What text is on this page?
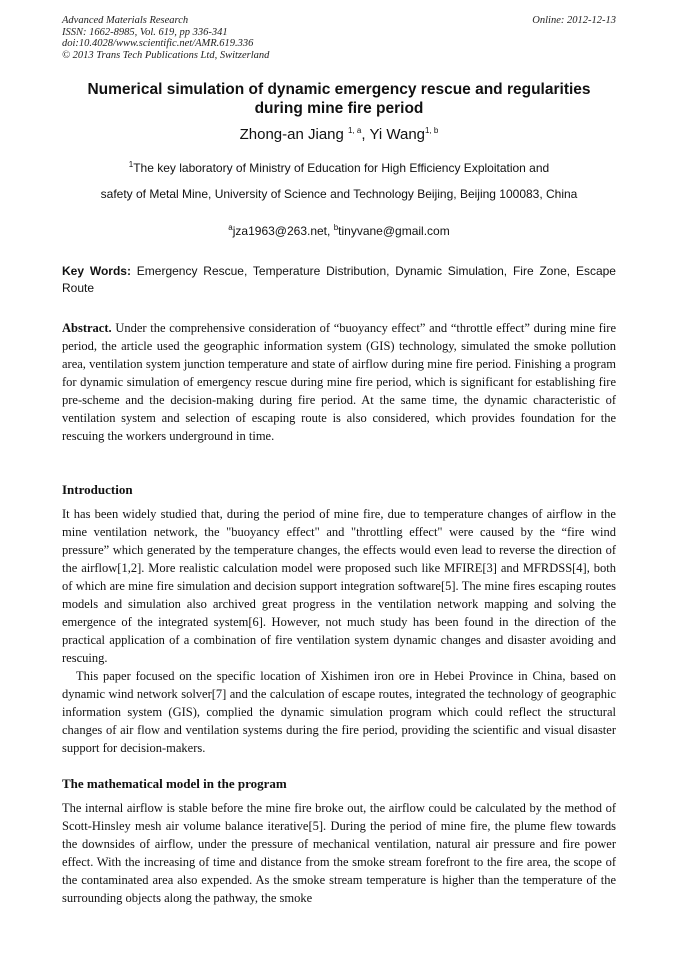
Advanced Materials Research
ISSN: 1662-8985, Vol. 619, pp 336-341
doi:10.4028/www.scientific.net/AMR.619.336
© 2013 Trans Tech Publications Ltd, Switzerland
Online: 2012-12-13
Numerical simulation of dynamic emergency rescue and regularities during mine fire period
Zhong-an Jiang $^{1, a}$, Yi Wang$^{1, b}$
$^1$The key laboratory of Ministry of Education for High Efficiency Exploitation and
safety of Metal Mine, University of Science and Technology Beijing, Beijing 100083, China
$^a$jza1963@263.net, $^b$tinyvane@gmail.com
Key Words: Emergency Rescue, Temperature Distribution, Dynamic Simulation, Fire Zone, Escape Route
Abstract. Under the comprehensive consideration of “buoyancy effect” and “throttle effect” during mine fire period, the article used the geographic information system (GIS) technology, simulated the smoke pollution area, ventilation system junction temperature and state of airflow during mine fire period. Finishing a program for dynamic simulation of emergency rescue during mine fire period, which is significant for establishing fire pre-scheme and the decision-making during fire period. At the same time, the dynamic characteristic of ventilation system and selection of escaping route is also considered, which provides foundation for the rescuing the workers underground in time.
Introduction

It has been widely studied that, during the period of mine fire, due to temperature changes of airflow in the mine ventilation network, the "buoyancy effect" and "throttling effect" were caused by the “fire wind pressure” which generated by the temperature changes, the effects would even lead to reverse the direction of the airflow[1,2]. More realistic calculation model were proposed such like MFIRE[3] and MFRDSS[4], both of which are mine fire simulation and decision support integration software[5]. The mine fires escaping routes models and simulation also archived great progress in the ventilation network mapping and solving the emergence of the integrated system[6]. However, not much study has been found in the direction of the practical application of a combination of fire ventilation system dynamic changes and disaster avoiding and rescuing.

This paper focused on the specific location of Xishimen iron ore in Hebei Province in China, based on dynamic wind network solver[7] and the calculation of escape routes, integrated the technology of geographic information system (GIS), complied the dynamic simulation program which could reflect the structural changes of air flow and ventilation systems during the fire period, providing the scientific and visual disaster support for decision-makers.

The mathematical model in the program

The internal airflow is stable before the mine fire broke out, the airflow could be calculated by the method of Scott-Hinsley mesh air volume balance iterative[5]. During the period of mine fire, the plume flew towards the downsides of airflow, under the pressure of mechanical ventilation, natural air pressure and fire power effect. With the increasing of time and distance from the smoke stream forefront to the fire area, the scope of the contaminated area also expended. As the smoke stream temperature is higher than the temperature of the surrounding objects along the pathway, the smoke
